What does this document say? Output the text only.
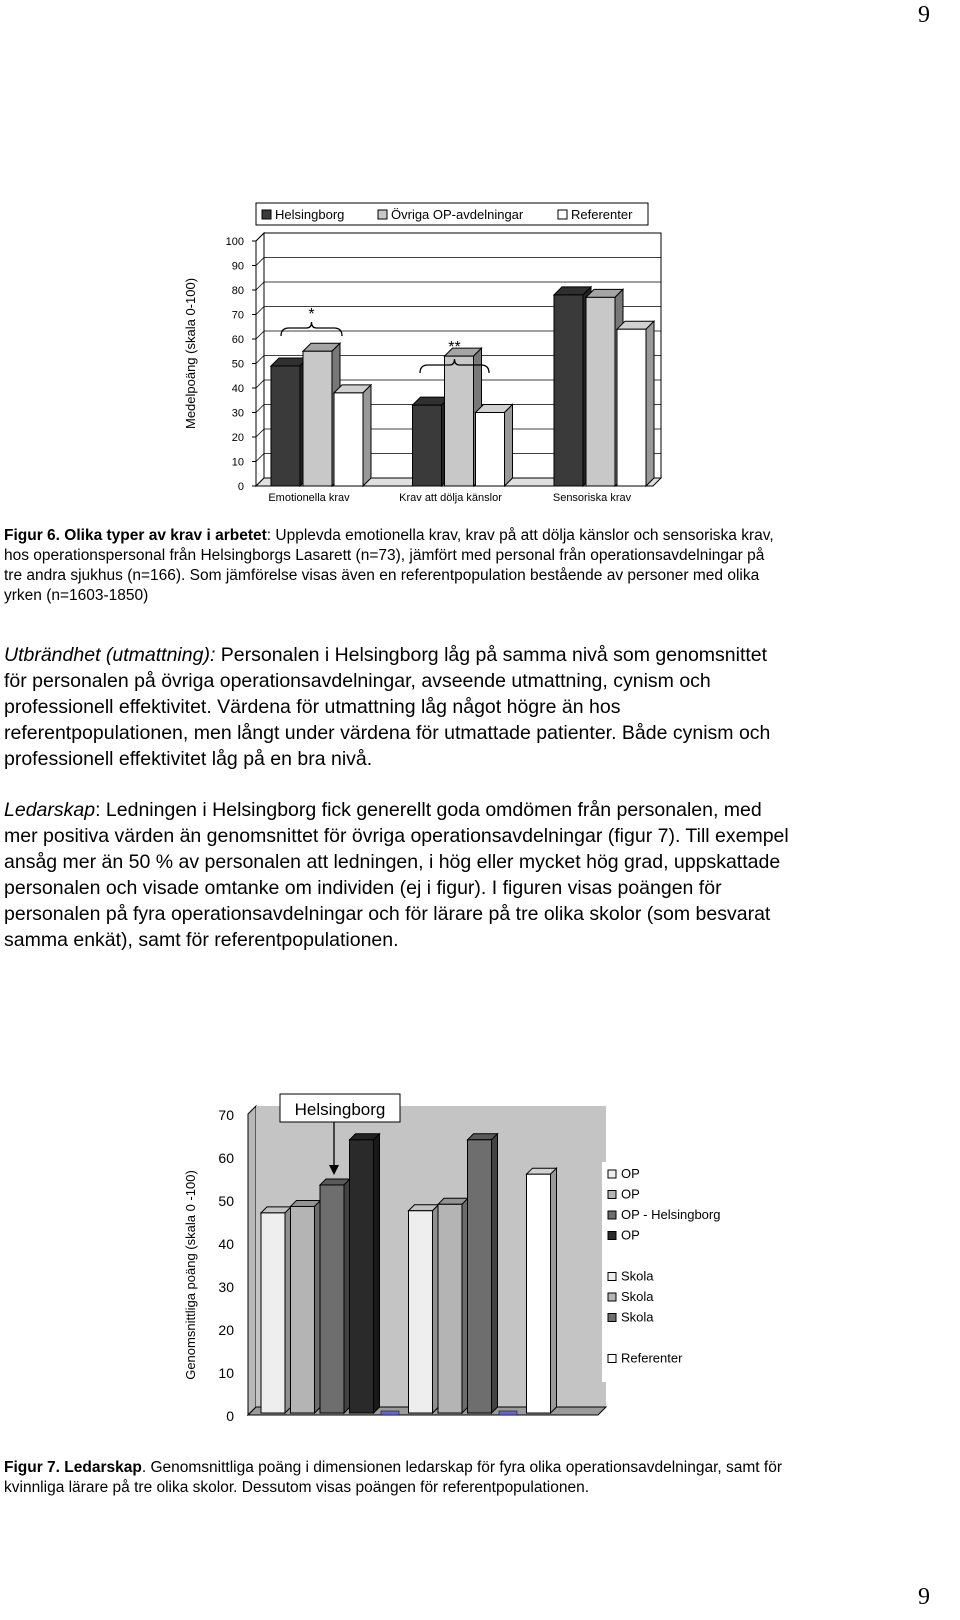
9
9
0
10
20
30
40
50
60
70
80
90
100
Medelpoäng (skala 0-100)
Emotionella krav	Krav att dölja känslor	Sensoriska krav
*
**
Helsingborg	Övriga OP-avdelningar	Referenter
Figur 6. Olika typer av krav i arbetet: Upplevda emotionella krav, krav på att dölja känslor och sensoriska krav,
hos operationspersonal från Helsingborgs Lasarett (n=73), jämfört med personal från operationsavdelningar på
tre andra sjukhus (n=166). Som jämförelse visas även en referentpopulation bestående av personer med olika
yrken (n=1603-1850)
Utbrändhet (utmattning): Personalen i Helsingborg låg på samma nivå som genomsnittet
för personalen på övriga operationsavdelningar, avseende utmattning, cynism och
professionell effektivitet. Värdena för utmattning låg något högre än hos
referentpopulationen, men långt under värdena för utmattade patienter. Både cynism och
professionell effektivitet låg på en bra nivå.
Ledarskap: Ledningen i Helsingborg fick generellt goda omdömen från personalen, med
mer positiva värden än genomsnittet för övriga operationsavdelningar (figur 7). Till exempel
ansåg mer än 50 % av personalen att ledningen, i hög eller mycket hög grad, uppskattade
personalen och visade omtanke om individen (ej i figur). I figuren visas poängen för
personalen på fyra operationsavdelningar och för lärare på tre olika skolor (som besvarat
samma enkät), samt för referentpopulationen.
0
10
20
30
40
50
60
70
Genomsnittliga poäng (skala 0 -100)
Helsingborg
OP
OP
OP - Helsingborg
OP
Skola
Skola
Skola
Referenter
Figur 7. Ledarskap. Genomsnittliga poäng i dimensionen ledarskap för fyra olika operationsavdelningar, samt för
kvinnliga lärare på tre olika skolor. Dessutom visas poängen för referentpopulationen.
